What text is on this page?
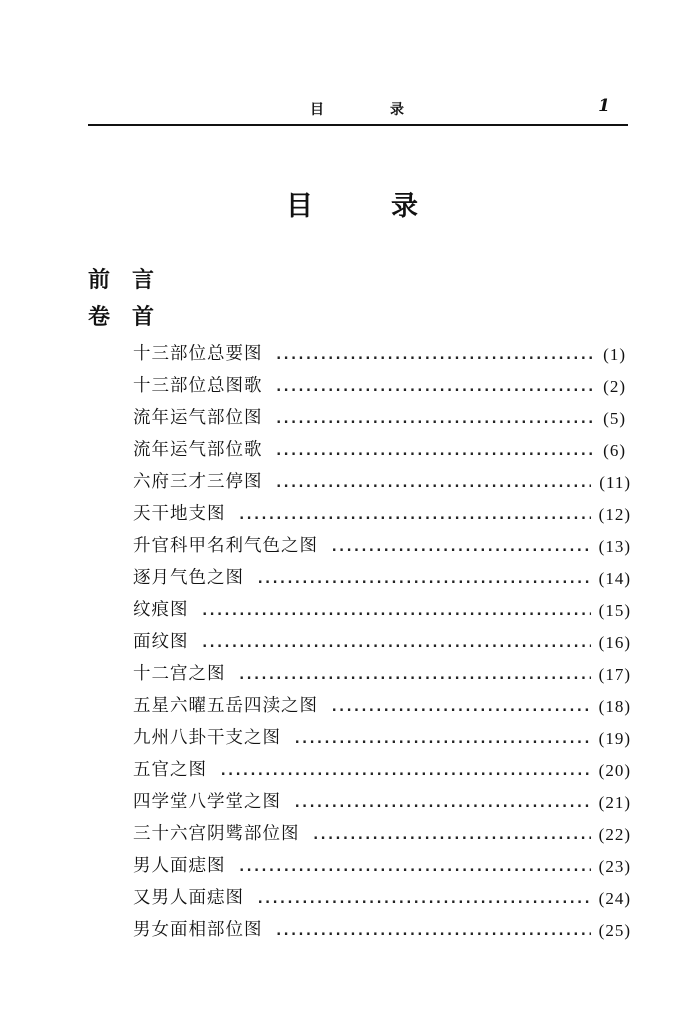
目录	1
目录
前言
卷首
十三部位总要图 .....	( 1 )
十三部位总图歌 .....	( 2 )
流年运气部位图 .....	( 5 )
流年运气部位歌 .....	( 6 )
六府三才三停图 .....	( 11 )
天干地支图 .....	( 12 )
升官科甲名利气色之图 .....	( 13 )
逐月气色之图 .....	( 14 )
纹痕图 .....	( 15 )
面纹图 .....	( 16 )
十二宫之图 .....	( 17 )
五星六曜五岳四渎之图 .....	( 18 )
九州八卦干支之图 .....	( 19 )
五官之图 .....	( 20 )
四学堂八学堂之图 .....	( 21 )
三十六宫阴骘部位图 .....	( 22 )
男人面痣图 .....	( 23 )
又男人面痣图 .....	( 24 )
男女面相部位图 .....	( 25 )
